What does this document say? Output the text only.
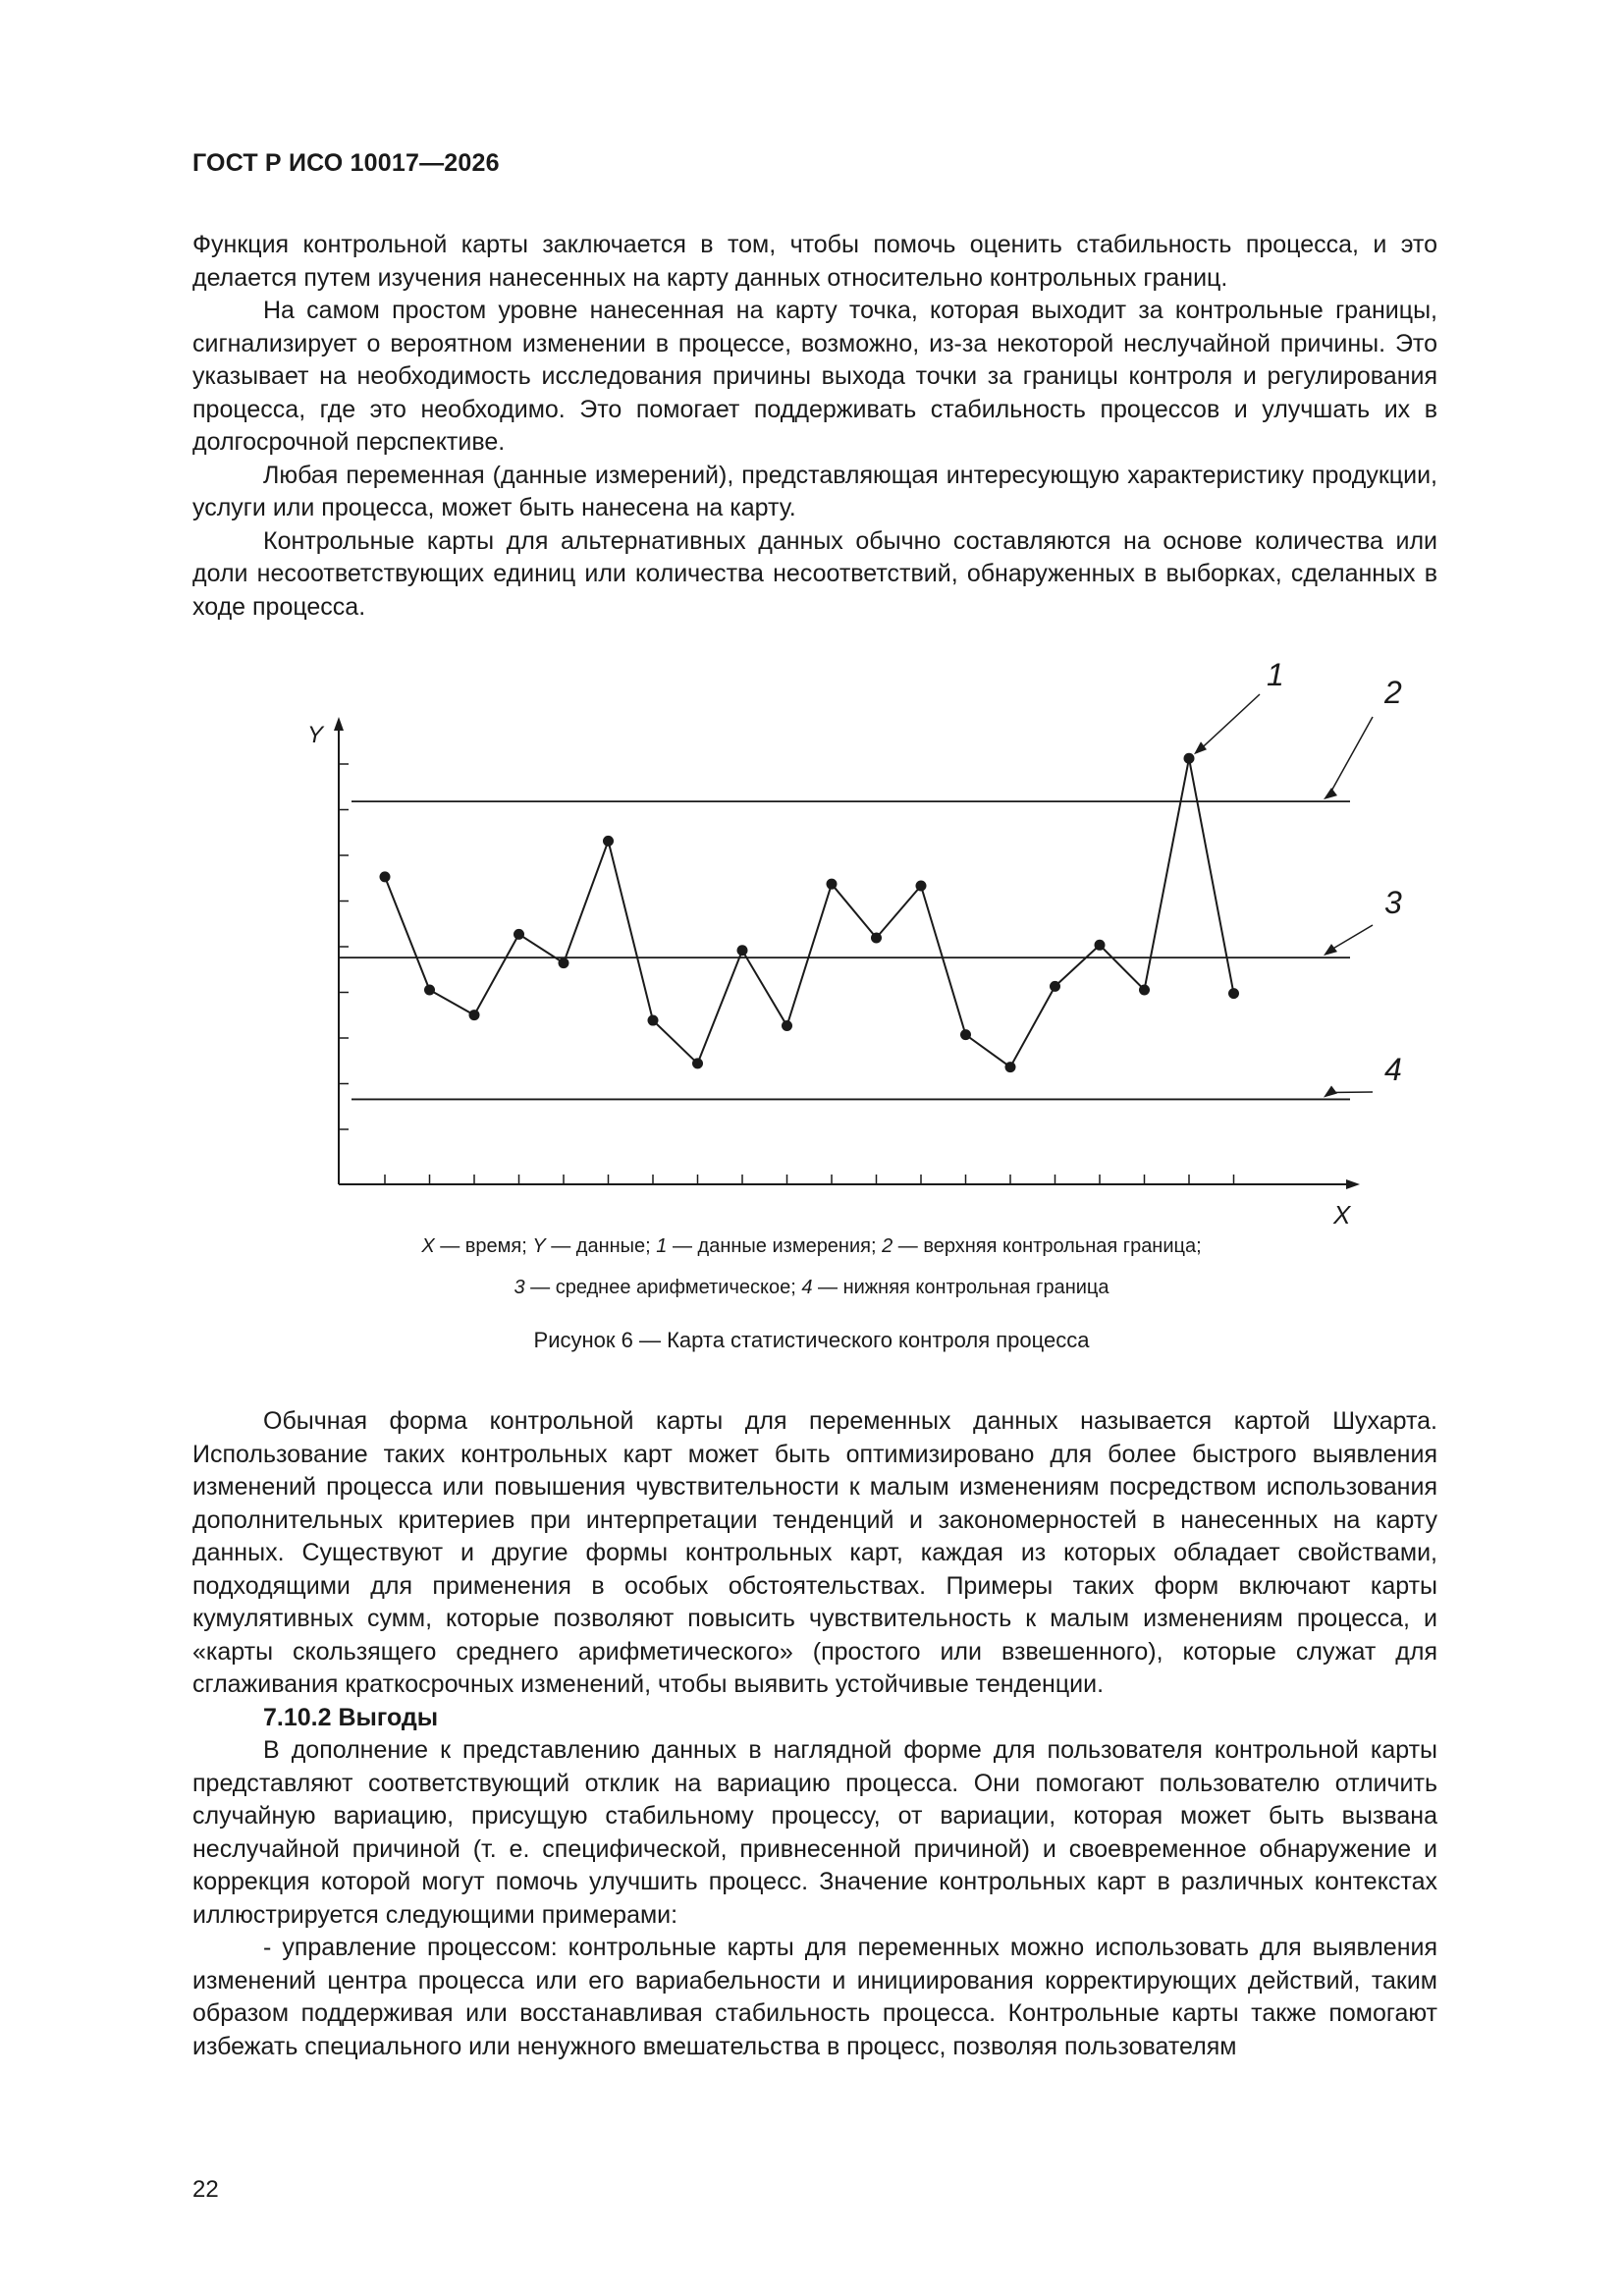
ГОСТ Р ИСО 10017—2026

Функция контрольной карты заключается в том, чтобы помочь оценить стабильность процесса, и это делается путем изучения нанесенных на карту данных относительно контрольных границ.

На самом простом уровне нанесенная на карту точка, которая выходит за контрольные границы, сигнализирует о вероятном изменении в процессе, возможно, из-за некоторой неслучайной причины. Это указывает на необходимость исследования причины выхода точки за границы контроля и регулирования процесса, где это необходимо. Это помогает поддерживать стабильность процессов и улучшать их в долгосрочной перспективе.

Любая переменная (данные измерений), представляющая интересующую характеристику продукции, услуги или процесса, может быть нанесена на карту.

Контрольные карты для альтернативных данных обычно составляются на основе количества или доли несоответствующих единиц или количества несоответствий, обнаруженных в выборках, сделанных в ходе процесса.

Y
X
1	2
3
4
X — время; Y — данные; 1 — данные измерения; 2 — верхняя контрольная граница;
3 — среднее арифметическое; 4 — нижняя контрольная граница
Рисунок 6 — Карта статистического контроля процесса

Обычная форма контрольной карты для переменных данных называется картой Шухарта. Использование таких контрольных карт может быть оптимизировано для более быстрого выявления изменений процесса или повышения чувствительности к малым изменениям посредством использования дополнительных критериев при интерпретации тенденций и закономерностей в нанесенных на карту данных. Существуют и другие формы контрольных карт, каждая из которых обладает свойствами, подходящими для применения в особых обстоятельствах. Примеры таких форм включают карты кумулятивных сумм, которые позволяют повысить чувствительность к малым изменениям процесса, и «карты скользящего среднего арифметического» (простого или взвешенного), которые служат для сглаживания краткосрочных изменений, чтобы выявить устойчивые тенденции.

7.10.2 Выгоды

В дополнение к представлению данных в наглядной форме для пользователя контрольной карты представляют соответствующий отклик на вариацию процесса. Они помогают пользователю отличить случайную вариацию, присущую стабильному процессу, от вариации, которая может быть вызвана неслучайной причиной (т. е. специфической, привнесенной причиной) и своевременное обнаружение и коррекция которой могут помочь улучшить процесс. Значение контрольных карт в различных контекстах иллюстрируется следующими примерами:

- управление процессом: контрольные карты для переменных можно использовать для выявления изменений центра процесса или его вариабельности и инициирования корректирующих действий, таким образом поддерживая или восстанавливая стабильность процесса. Контрольные карты также помогают избежать специального или ненужного вмешательства в процесс, позволяя пользователям

22
